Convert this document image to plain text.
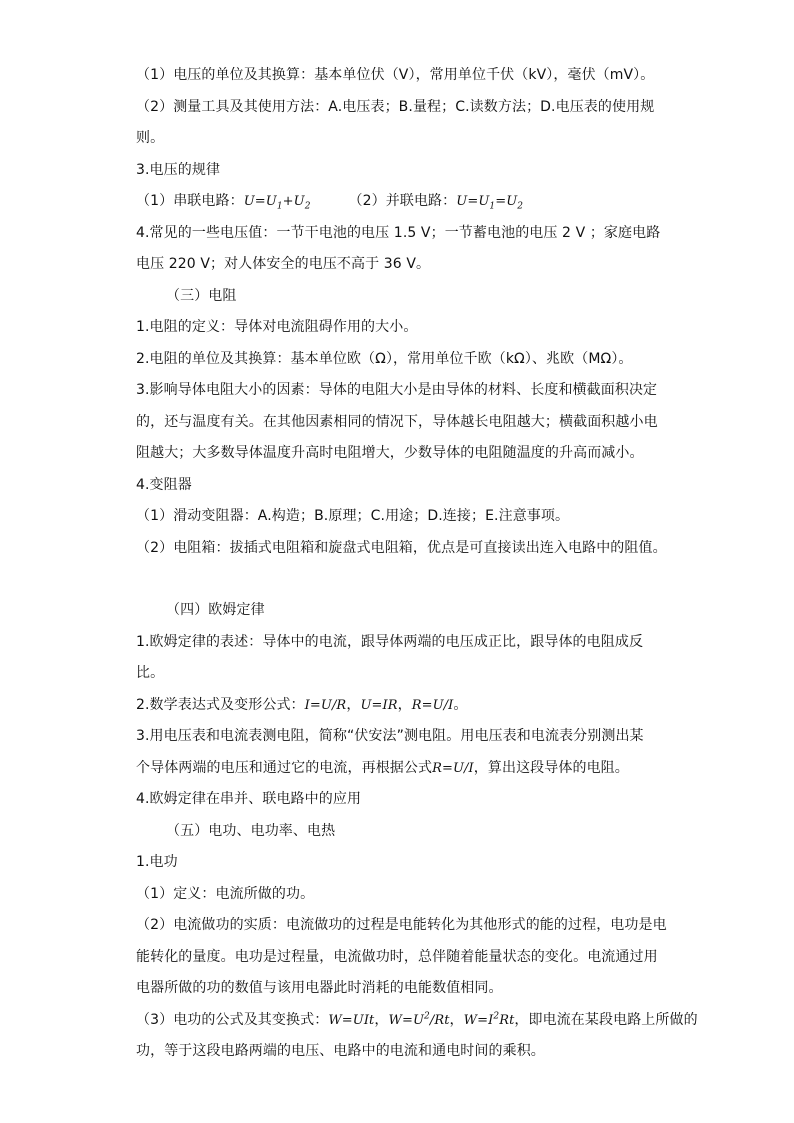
（1）电压的单位及其换算：基本单位伏（V），常用单位千伏（kV），毫伏（mV）。
（2）测量工具及其使用方法：A.电压表；B.量程；C.读数方法；D.电压表的使用规
则。
3.电压的规律
（1）串联电路：$U=U_1+U_2$	（2）并联电路：$U=U_1=U_2$
4.常见的一些电压值：一节干电池的电压 1.5 V；一节蓄电池的电压 2 V ；家庭电路
电压 220 V；对人体安全的电压不高于 36 V。
（三）电阻
1.电阻的定义：导体对电流阻碍作用的大小。
2.电阻的单位及其换算：基本单位欧（Ω），常用单位千欧（kΩ）、兆欧（MΩ）。
3.影响导体电阻大小的因素：导体的电阻大小是由导体的材料、长度和横截面积决定
的，还与温度有关。在其他因素相同的情况下，导体越长电阻越大；横截面积越小电
阻越大；大多数导体温度升高时电阻增大，少数导体的电阻随温度的升高而减小。
4.变阻器
（1）滑动变阻器：A.构造；B.原理；C.用途；D.连接；E.注意事项。
（2）电阻箱：拔插式电阻箱和旋盘式电阻箱，优点是可直接读出连入电路中的阻值。
（四）欧姆定律
1.欧姆定律的表述：导体中的电流，跟导体两端的电压成正比，跟导体的电阻成反
比。
2.数学表达式及变形公式：I=U/R，U=IR，R=U/I。
3.用电压表和电流表测电阻，简称“伏安法”测电阻。用电压表和电流表分别测出某
个导体两端的电压和通过它的电流，再根据公式R=U/I，算出这段导体的电阻。
4.欧姆定律在串并、联电路中的应用
（五）电功、电功率、电热
1.电功
（1）定义：电流所做的功。
（2）电流做功的实质：电流做功的过程是电能转化为其他形式的能的过程，电功是电
能转化的量度。电功是过程量，电流做功时，总伴随着能量状态的变化。电流通过用
电器所做的功的数值与该用电器此时消耗的电能数值相同。
（3）电功的公式及其变换式：W=UIt，$W=U^2/Rt$，$W=I^2Rt$，即电流在某段电路上所做的
功，等于这段电路两端的电压、电路中的电流和通电时间的乘积。
